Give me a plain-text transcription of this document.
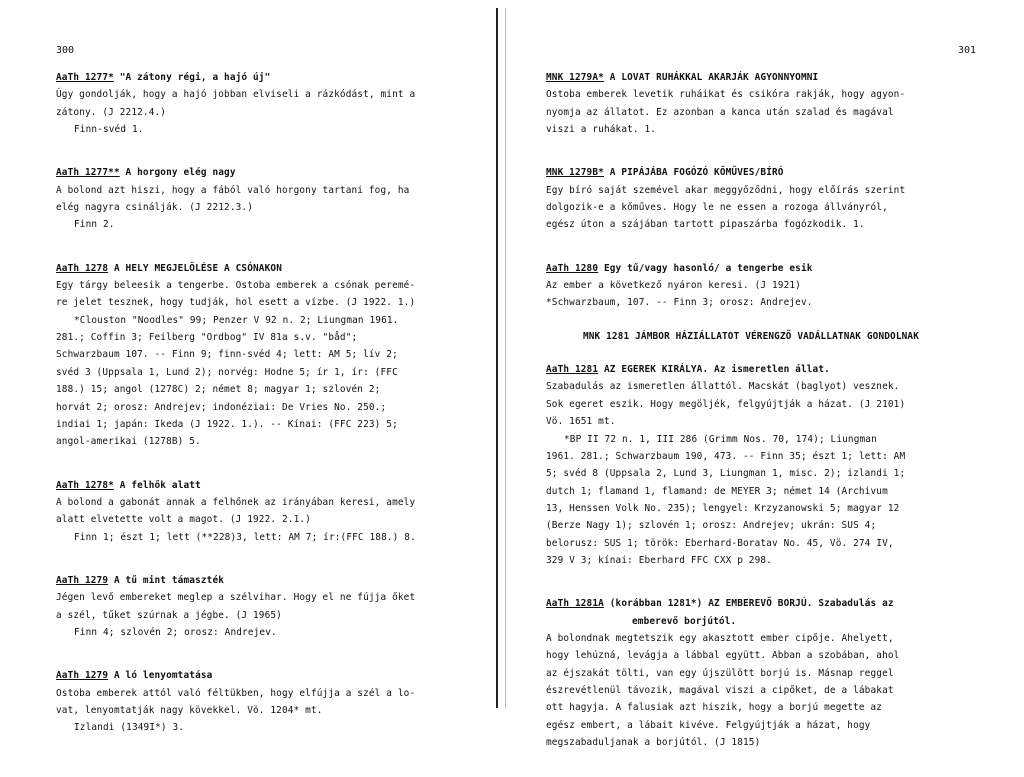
300

AaTh 1277* "A zátony régi, a hajó új"

Úgy gondolják, hogy a hajó jobban elviseli a rázkódást, mint a

zátony. (J 2212.4.)

Finn-svéd 1.

AaTh 1277** A horgony elég nagy

A bolond azt hiszi, hogy a fából való horgony tartani fog, ha

elég nagyra csinálják. (J 2212.3.)

Finn 2.

AaTh 1278 A HELY MEGJELÖLÉSE A CSÓNAKON

Egy tárgy beleesik a tengerbe. Ostoba emberek a csónak peremé-

re jelet tesznek, hogy tudják, hol esett a vízbe. (J 1922. 1.)

*Clouston "Noodles" 99; Penzer V 92 n. 2; Liungman 1961.

281.; Coffin 3; Feilberg "Ordbog" IV 81a s.v. "båd";

Schwarzbaum 107. -- Finn 9; finn-svéd 4; lett: AM 5; lív 2;

svéd 3 (Uppsala 1, Lund 2); norvég: Hodne 5; ír 1, ír: (FFC

188.) 15; angol (1278C) 2; német 8; magyar 1; szlovén 2;

horvát 2; orosz: Andrejev; indonéziai: De Vries No. 250.;

indiai 1; japán: Ikeda (J 1922. 1.). -- Kínai: (FFC 223) 5;

angol-amerikai (1278B) 5.

AaTh 1278* A felhők alatt

A bolond a gabonát annak a felhőnek az irányában keresi, amely

alatt elvetette volt a magot. (J 1922. 2.1.)

Finn 1; észt 1; lett (**228)3, lett: AM 7; ír:(FFC 188.) 8.

AaTh 1279 A tű mint támaszték

Jégen levő embereket meglep a szélvihar. Hogy el ne fújja őket

a szél, tűket szúrnak a jégbe. (J 1965)

Finn 4; szlovén 2; orosz: Andrejev.

AaTh 1279 A ló lenyomtatása

Ostoba emberek attól való féltükben, hogy elfújja a szél a lo-

vat, lenyomtatják nagy kövekkel. Vö. 1204* mt.

Izlandi (1349I*) 3.

301

MNK 1279A* A LOVAT RUHÁKKAL AKARJÁK AGYONNYOMNI

Ostoba emberek levetik ruháikat és csikóra rakják, hogy agyon-

nyomja az állatot. Ez azonban a kanca után szalad és magával

viszi a ruhákat. 1.

MNK 1279B* A PIPÁJÁBA FOGÓZÓ KŐMŰVES/BÍRÓ

Egy bíró saját szemével akar meggyőződni, hogy előírás szerint

dolgozik-e a kőműves. Hogy le ne essen a rozoga állványról,

egész úton a szájában tartott pipaszárba fogózkodik. 1.

AaTh 1280 Egy tű/vagy hasonló/ a tengerbe esik

Az ember a következő nyáron keresi. (J 1921)

*Schwarzbaum, 107. -- Finn 3; orosz: Andrejev.

MNK 1281 JÁMBOR HÁZIÁLLATOT VÉRENGZŐ VADÁLLATNAK GONDOLNAK

AaTh 1281 AZ EGEREK KIRÁLYA. Az ismeretlen állat.

Szabadulás az ismeretlen állattól. Macskát (baglyot) vesznek.

Sok egeret eszik. Hogy megölјék, felgyújtják a házat. (J 2101)

Vö. 1651 mt.

*BP II 72 n. 1, III 286 (Grimm Nos. 70, 174); Liungman

1961. 281.; Schwarzbaum 190, 473. -- Finn 35; észt 1; lett: AM

5; svéd 8 (Uppsala 2, Lund 3, Liungman 1, misc. 2); izlandi 1;

dutch 1; flamand 1, flamand: de MEYER 3; német 14 (Archivum

13, Henssen Volk No. 235); lengyel: Krzyzanowski 5; magyar 12

(Berze Nagy 1); szlovén 1; orosz: Andrejev; ukrán: SUS 4;

belorusz: SUS 1; török: Eberhard-Boratav No. 45, Vö. 274 IV,

329 V 3; kínai: Eberhard FFC CXX p 298.

AaTh 1281A (korábban 1281*) AZ EMBEREVŐ BORJÚ. Szabadulás az

emberevő borjútól.

A bolondnak megtetszik egy akasztott ember cipője. Ahelyett,

hogy lehúzná, levágja a lábbal együtt. Abban a szobában, ahol

az éjszakát tölti, van egy újszülött borjú is. Másnap reggel

észrevétlenül távozik, magával viszi a cipőket, de a lábakat

ott hagyja. A falusiak azt hiszik, hogy a borjú megette az

egész embert, a lábait kivéve. Felgyújtják a házat, hogy

megszabaduljanak a borjútól. (J 1815)
